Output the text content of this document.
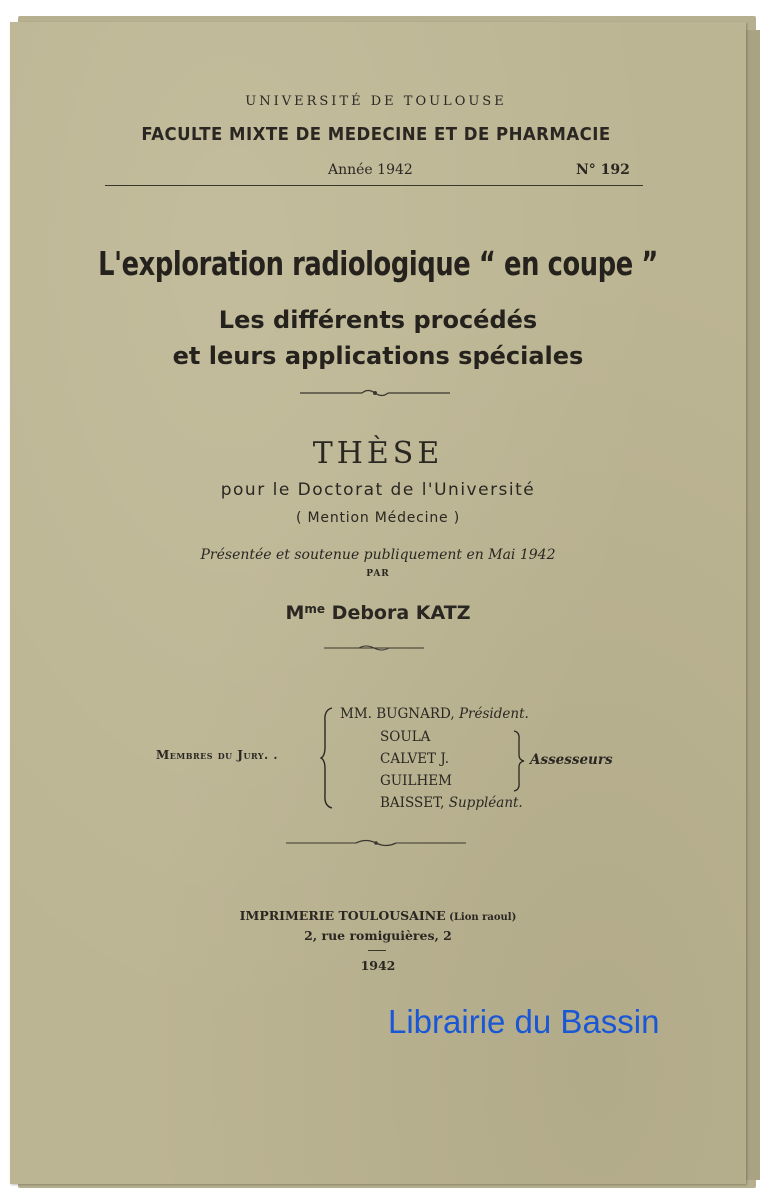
UNIVERSITÉ DE TOULOUSE
FACULTE MIXTE DE MEDECINE ET DE PHARMACIE
Année 1942	N° 192
L'exploration radiologique “ en coupe ”
Les différents procédés
et leurs applications spéciales
THÈSE
pour le Doctorat de l'Université
( Mention Médecine )
Présentée et soutenue publiquement en Mai 1942
PAR
$M^{me}$ Debora KATZ
Membres du Jury. .
MM. BUGNARD, Président.
SOULA
CALVET J.
GUILHEM
BAISSET, Suppléant.
Assesseurs
IMPRIMERIE TOULOUSAINE (Lion raoul)
2, rue romiguières, 2
1942
Librairie du Bassin
